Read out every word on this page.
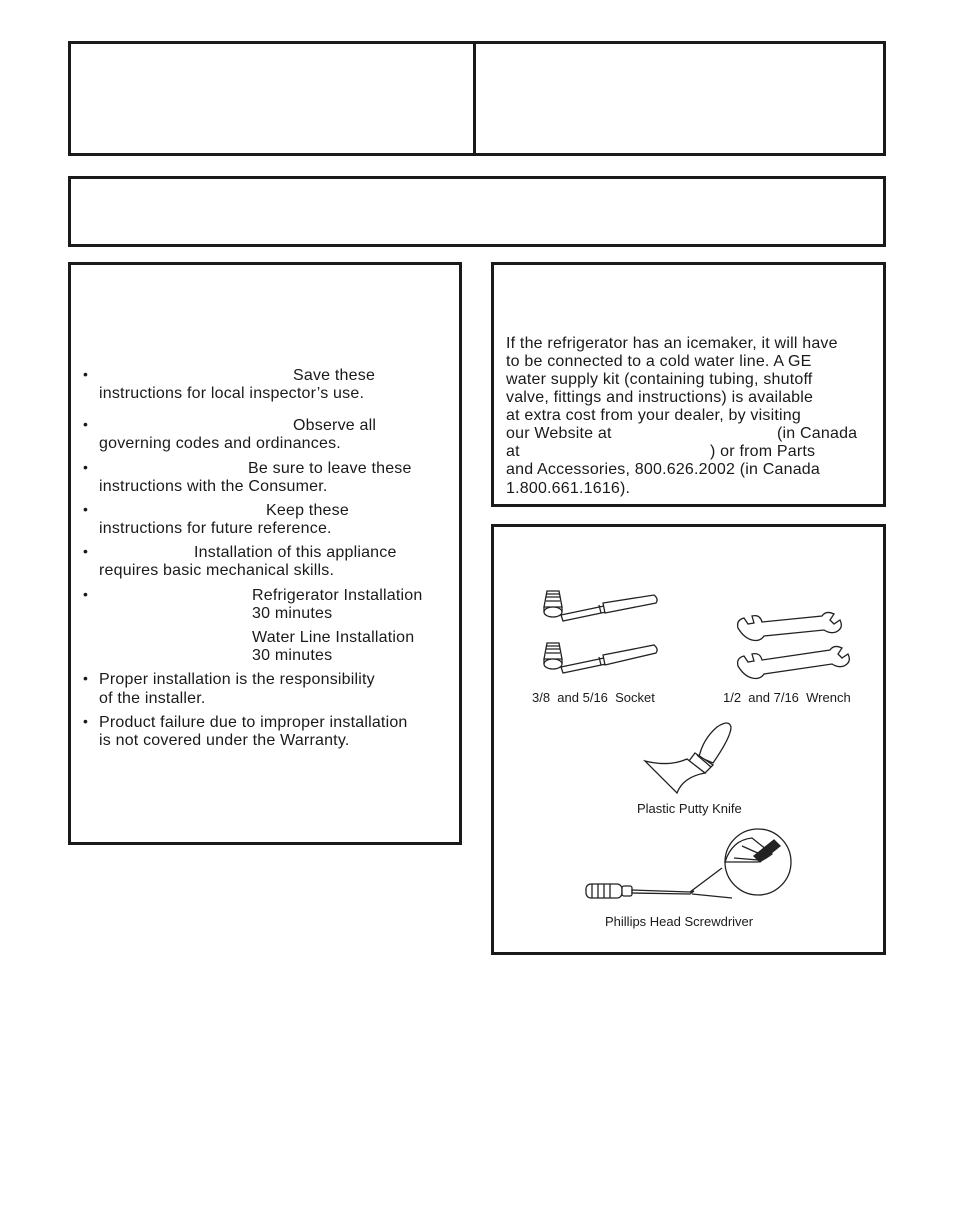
•	Save these
instructions for local inspector’s use.
•	Observe all
governing codes and ordinances.
•	Be sure to leave these
instructions with the Consumer.
•	Keep these
instructions for future reference.
•	Installation of this appliance
requires basic mechanical skills.
•	Refrigerator Installation
30 minutes
Water Line Installation
30 minutes
• Proper installation is the responsibility
of the installer.
• Product failure due to improper installation
is not covered under the Warranty.
If the refrigerator has an icemaker, it will have
to be connected to a cold water line. A GE
water supply kit (containing tubing, shutoff
valve, fittings and instructions) is available
at extra cost from your dealer, by visiting
our Website at	(in Canada
at	) or from Parts
and Accessories, 800.626.2002 (in Canada
1.800.661.1616).
3/8  and 5/16  Socket	1/2  and 7/16  Wrench
Plastic Putty Knife
Phillips Head Screwdriver
